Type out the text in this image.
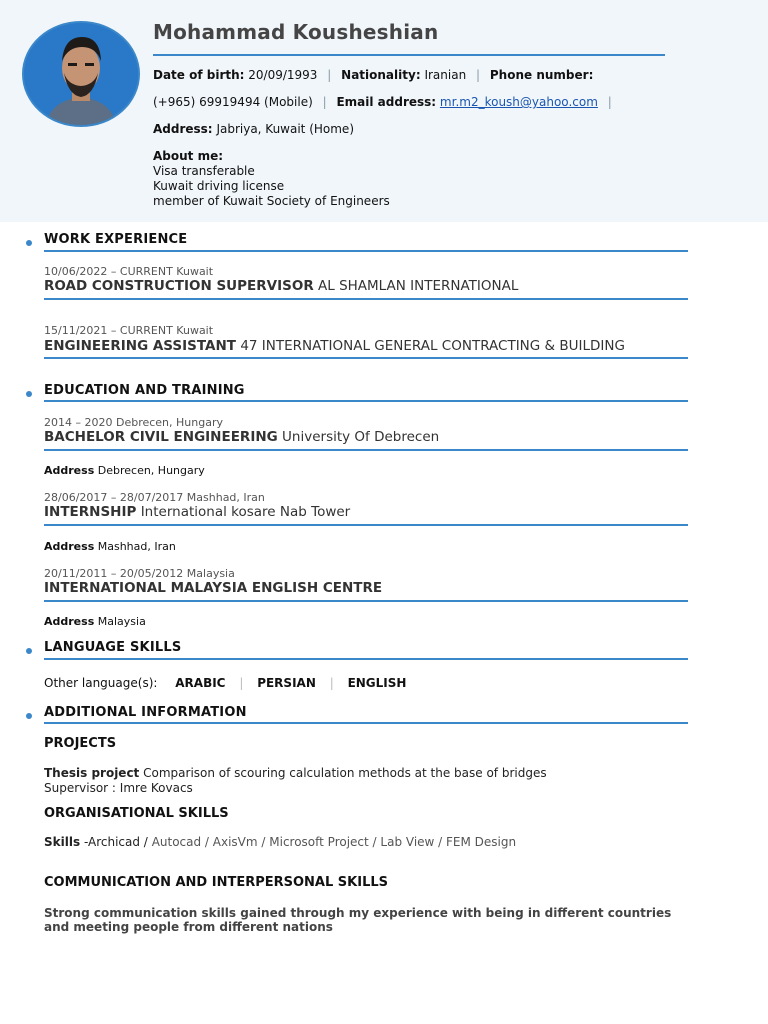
Mohammad Kousheshian
Date of birth: 20/09/1993 | Nationality: Iranian | Phone number:
(+965) 69919494 (Mobile) | Email address: mr.m2_koush@yahoo.com |
Address: Jabriya, Kuwait (Home)
About me:
Visa transferable
Kuwait driving license
member of Kuwait Society of Engineers
WORK EXPERIENCE
10/06/2022 – CURRENT Kuwait
ROAD CONSTRUCTION SUPERVISOR AL SHAMLAN INTERNATIONAL
15/11/2021 – CURRENT Kuwait
ENGINEERING ASSISTANT 47 INTERNATIONAL GENERAL CONTRACTING & BUILDING
EDUCATION AND TRAINING
2014 – 2020 Debrecen, Hungary
BACHELOR CIVIL ENGINEERING University Of Debrecen
Address Debrecen, Hungary
28/06/2017 – 28/07/2017 Mashhad, Iran
INTERNSHIP International kosare Nab Tower
Address Mashhad, Iran
20/11/2011 – 20/05/2012 Malaysia
INTERNATIONAL MALAYSIA ENGLISH CENTRE
Address Malaysia
LANGUAGE SKILLS
Other language(s): ARABIC | PERSIAN | ENGLISH
ADDITIONAL INFORMATION
PROJECTS
Thesis project Comparison of scouring calculation methods at the base of bridges
Supervisor : Imre Kovacs
ORGANISATIONAL SKILLS
Skills -Archicad / Autocad / AxisVm / Microsoft Project / Lab View / FEM Design
COMMUNICATION AND INTERPERSONAL SKILLS
Strong communication skills gained through my experience with being in different countries and meeting people from different nations
